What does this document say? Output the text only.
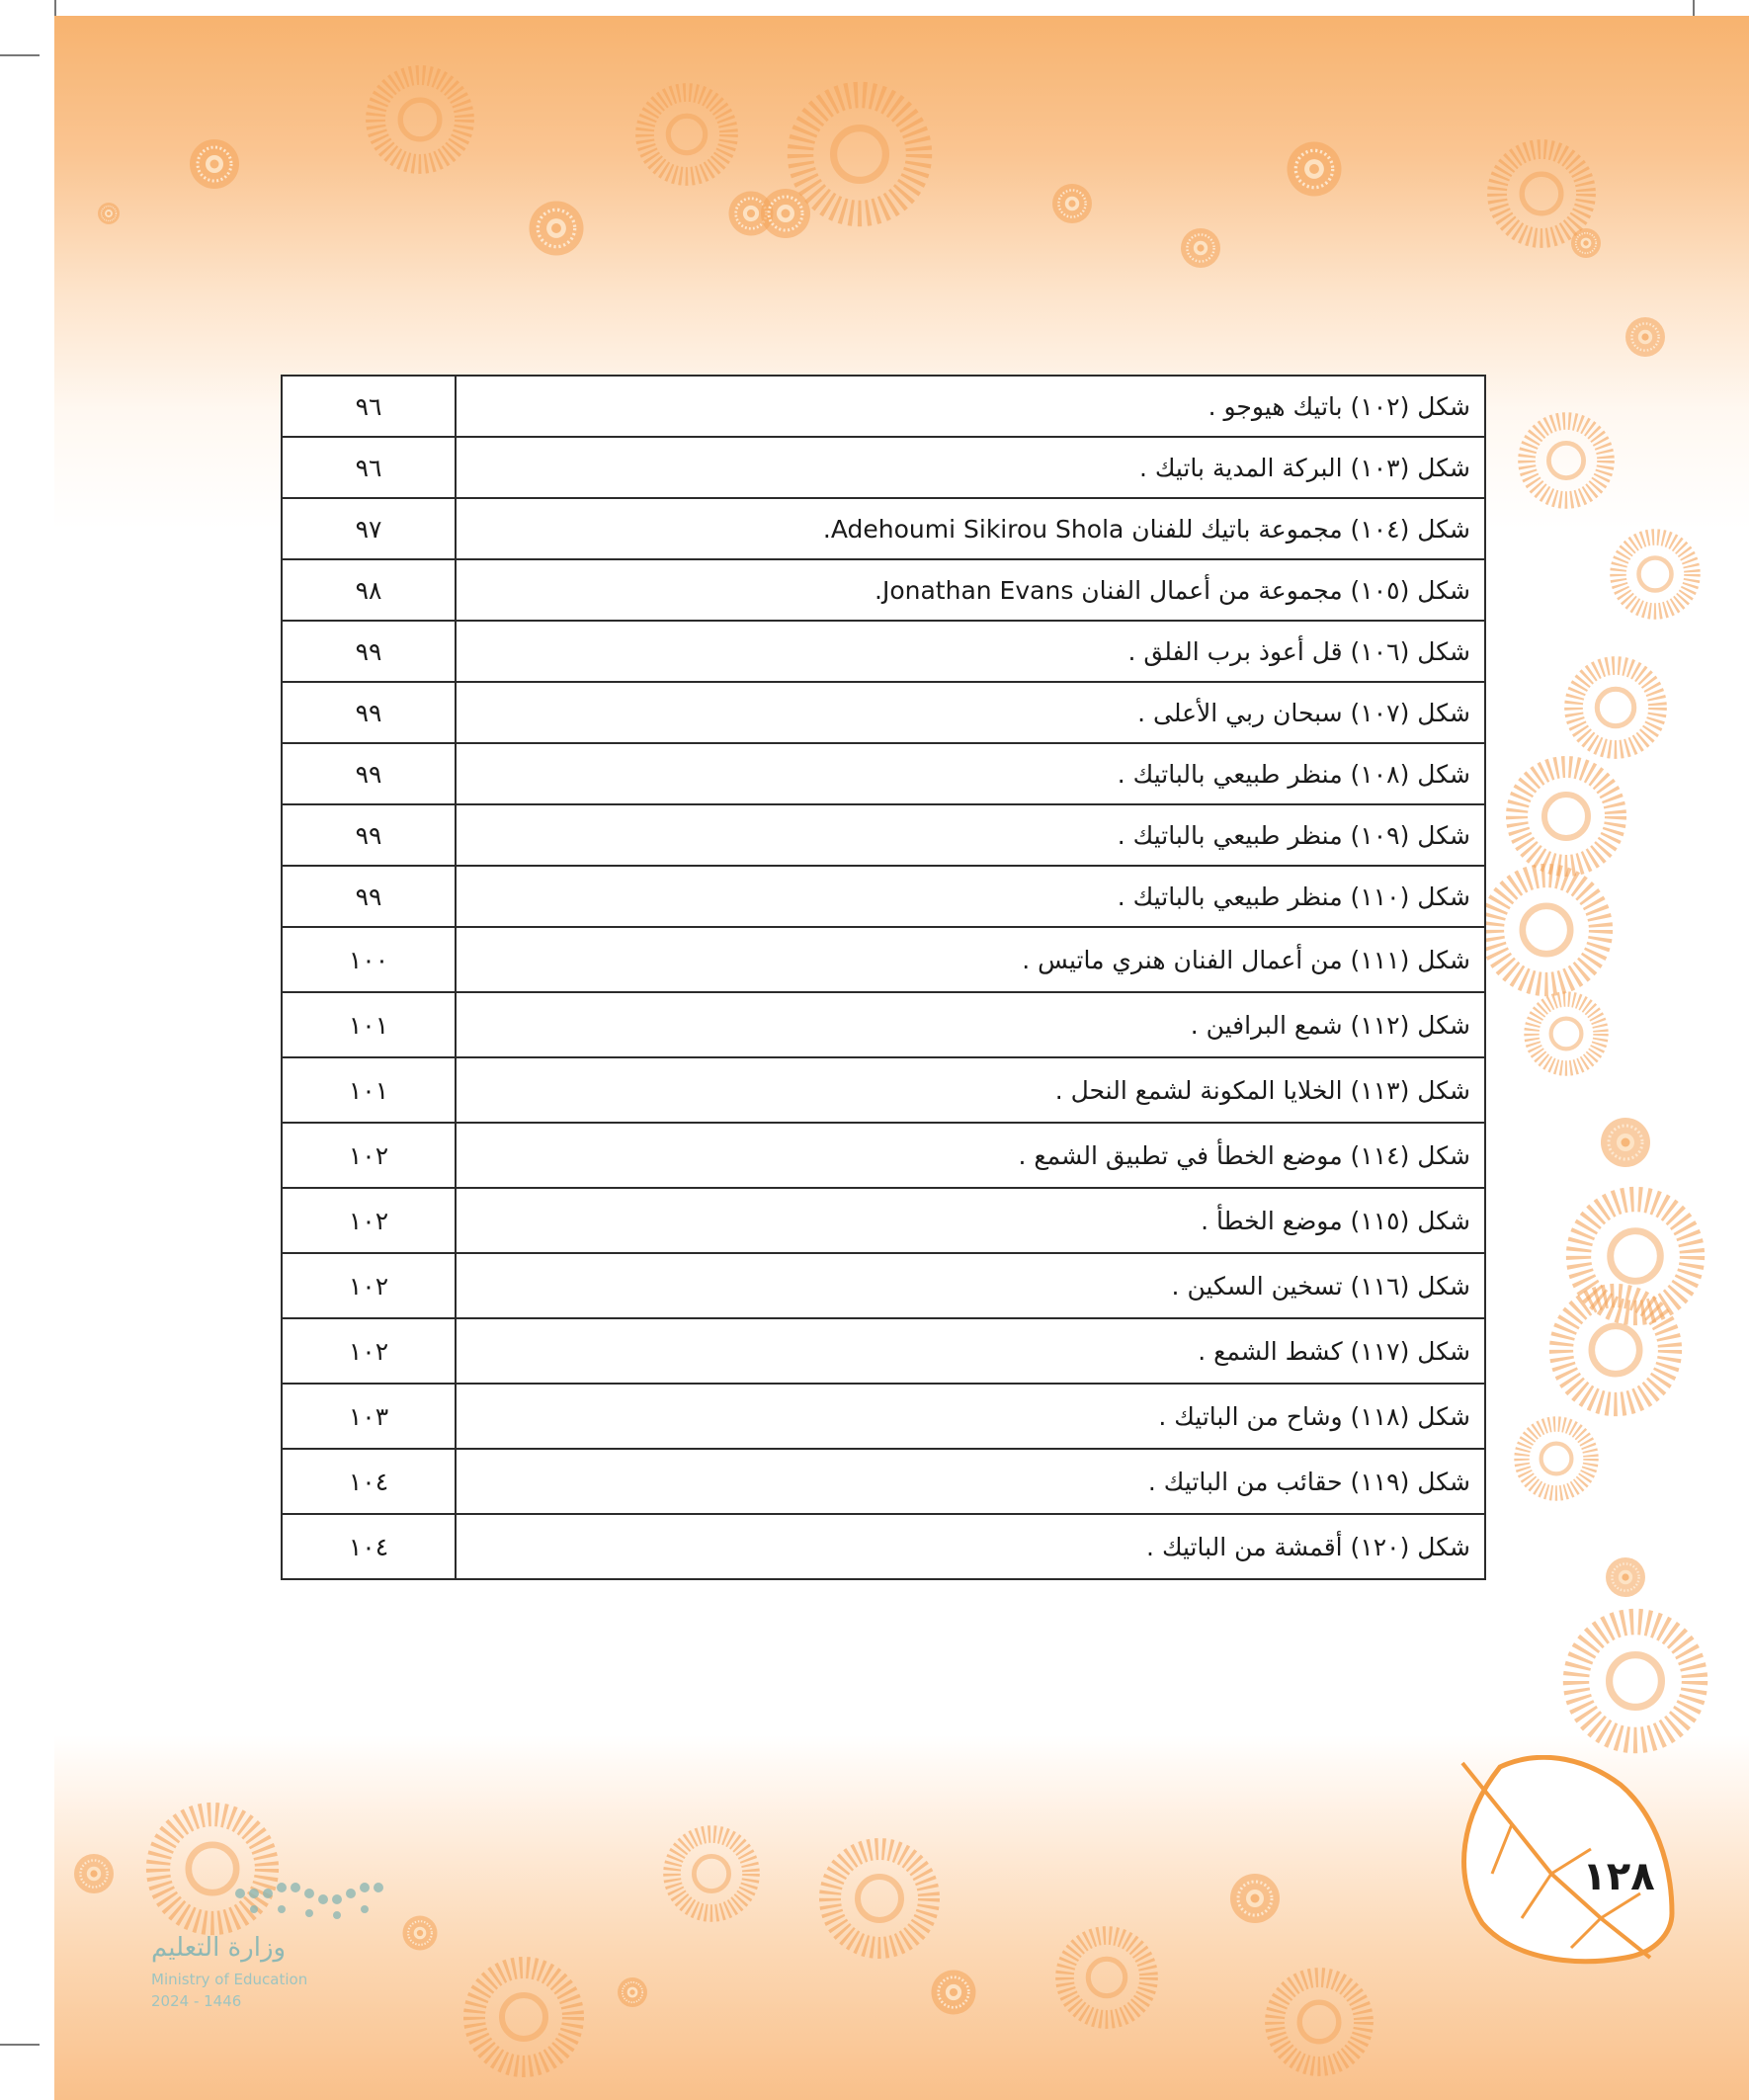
٩٦	شكل (١٠٢) باتيك هيوجو .
٩٦	شكل (١٠٣) البركة المدية باتيك .
٩٧	شكل (١٠٤) مجموعة باتيك للفنان Adehoumi Sikirou Shola.
٩٨	شكل (١٠٥) مجموعة من أعمال الفنان Jonathan Evans.
٩٩	شكل (١٠٦) قل أعوذ برب الفلق .
٩٩	شكل (١٠٧) سبحان ربي الأعلى .
٩٩	شكل (١٠٨) منظر طبيعي بالباتيك .
٩٩	شكل (١٠٩) منظر طبيعي بالباتيك .
٩٩	شكل (١١٠) منظر طبيعي بالباتيك .
١٠٠	شكل (١١١) من أعمال الفنان هنري ماتيس .
١٠١	شكل (١١٢) شمع البرافين .
١٠١	شكل (١١٣) الخلايا المكونة لشمع النحل .
١٠٢	شكل (١١٤) موضع الخطأ في تطبيق الشمع .
١٠٢	شكل (١١٥) موضع الخطأ .
١٠٢	شكل (١١٦) تسخين السكين .
١٠٢	شكل (١١٧) كشط الشمع .
١٠٣	شكل (١١٨) وشاح من الباتيك .
١٠٤	شكل (١١٩) حقائب من الباتيك .
١٠٤	شكل (١٢٠) أقمشة من الباتيك .
١٢٨
وزارة التعليم
Ministry of Education
2024 - 1446
